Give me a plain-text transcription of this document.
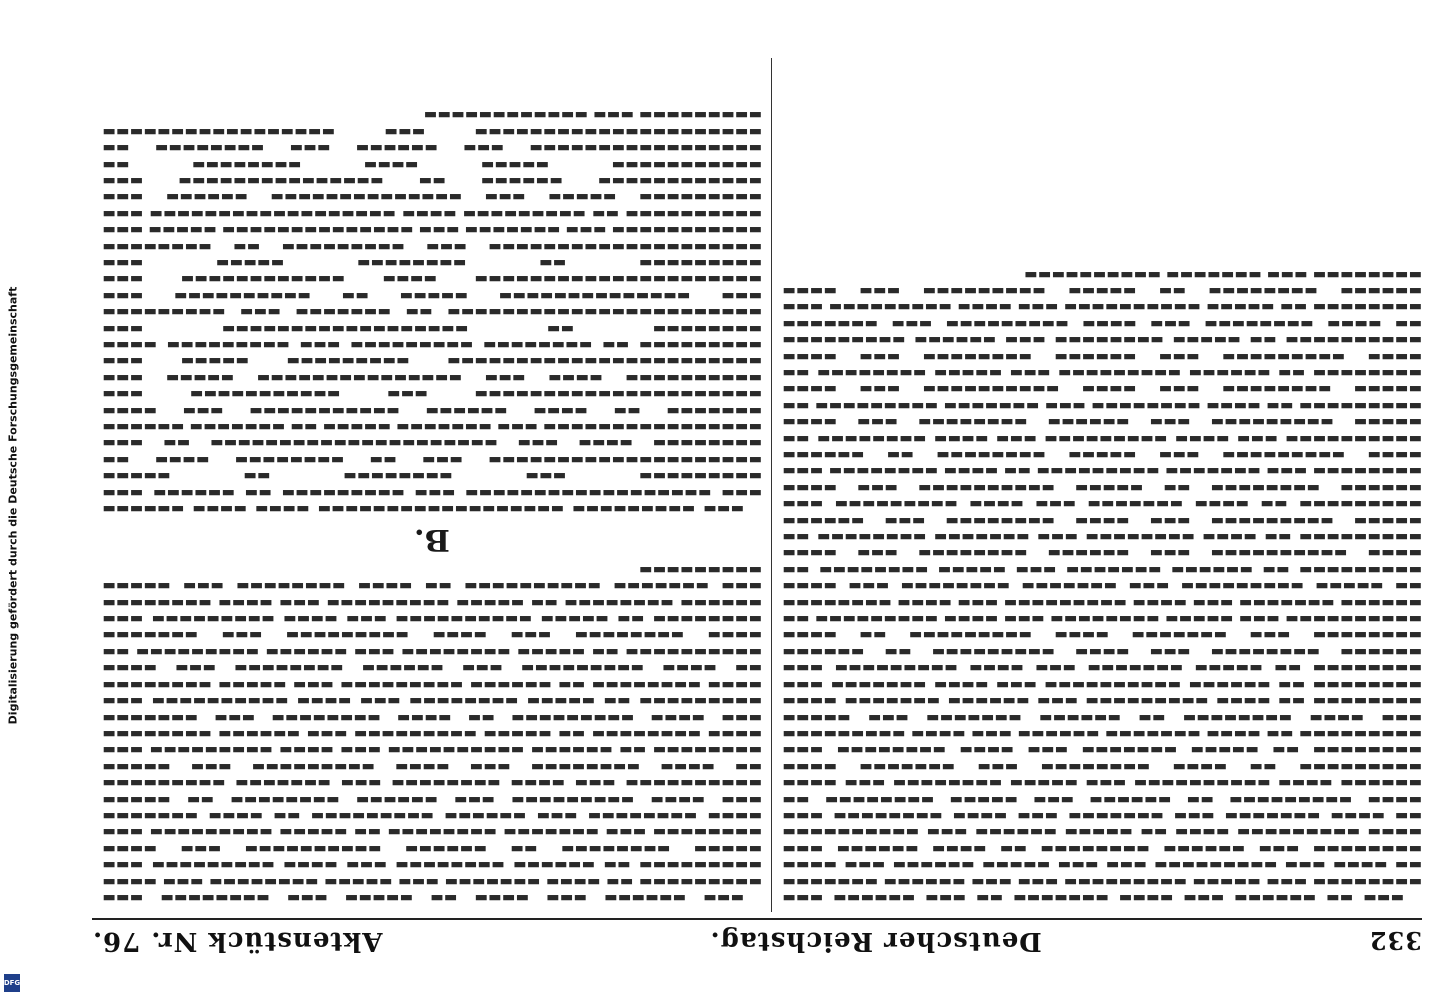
Digitalisierung gefördert durch die Deutsche Forschungsgemeinschaft
DFG
332
Deutscher Reichstag.
Aktenstück Nr. 76.

▬▬▬ ▬▬ ▬▬▬▬▬▬ ▬▬▬ ▬▬▬▬ ▬▬▬▬▬▬▬ ▬▬ ▬▬▬ ▬▬▬▬▬▬ ▬▬▬ ▬▬▬▬▬▬▬▬ ▬▬▬ ▬▬▬▬▬ ▬▬▬▬▬▬▬▬▬ ▬▬▬ ▬▬▬ ▬▬▬▬▬▬ ▬▬▬▬▬▬▬ ▬▬ ▬▬▬▬ ▬▬▬ ▬▬▬▬▬▬▬▬▬ ▬▬▬ ▬▬▬ ▬▬▬▬▬ ▬▬▬▬▬▬ ▬▬▬ ▬▬▬▬ ▬▬▬▬▬▬▬▬ ▬▬▬ ▬▬▬▬▬▬ ▬▬▬▬▬▬▬▬ ▬▬ ▬▬▬▬ ▬▬▬▬▬▬ ▬▬▬ ▬▬▬▬ ▬▬▬▬▬▬▬▬▬ ▬▬▬▬ ▬▬ ▬▬▬▬▬ ▬▬▬▬▬▬ ▬▬▬ ▬▬▬▬▬▬▬▬▬▬ ▬▬ ▬▬▬▬ ▬▬▬▬▬▬▬ ▬▬▬ ▬▬▬▬▬▬▬ ▬▬▬ ▬▬▬▬ ▬▬▬▬▬▬▬▬ ▬▬▬ ▬▬▬▬ ▬▬▬▬▬▬▬▬▬ ▬▬ ▬▬▬▬▬▬ ▬▬▬ ▬▬▬▬▬ ▬▬▬▬▬▬▬▬ ▬▬ ▬▬▬▬▬▬ ▬▬▬▬ ▬▬▬▬▬▬▬▬▬▬ ▬▬▬ ▬▬▬▬▬ ▬▬▬▬▬▬▬▬ ▬▬▬ ▬▬▬▬ ▬▬▬▬▬▬▬▬▬ ▬▬ ▬▬▬▬ ▬▬▬▬▬▬▬▬ ▬▬▬ ▬▬▬▬▬▬▬ ▬▬▬▬ ▬▬▬▬▬▬▬▬ ▬▬ ▬▬▬▬▬ ▬▬▬▬▬▬▬ ▬▬▬ ▬▬▬▬ ▬▬▬▬▬▬▬▬ ▬▬▬ ▬▬▬▬▬▬▬▬▬ ▬▬ ▬▬▬▬ ▬▬▬▬▬▬▬ ▬▬▬▬▬▬ ▬▬▬ ▬▬▬▬ ▬▬▬▬▬▬▬▬▬ ▬▬▬ ▬▬▬▬ ▬▬▬▬▬▬▬▬ ▬▬ ▬▬▬▬▬▬ ▬▬▬▬▬▬▬ ▬▬▬ ▬▬▬▬▬ ▬▬▬▬▬▬▬▬ ▬▬ ▬▬▬▬ ▬▬▬▬▬▬▬▬▬ ▬▬▬ ▬▬▬▬▬▬ ▬▬▬▬▬▬▬ ▬▬▬▬ ▬▬▬▬▬▬▬▬ ▬▬ ▬▬▬▬▬▬ ▬▬▬▬▬▬▬▬▬▬ ▬▬▬ ▬▬▬▬ ▬▬▬▬▬▬▬ ▬▬▬ ▬▬▬▬▬▬▬▬ ▬▬ ▬▬▬▬▬ ▬▬▬▬▬▬▬ ▬▬▬ ▬▬▬▬ ▬▬▬▬▬▬▬▬▬ ▬▬▬ ▬▬▬▬▬▬ ▬▬▬▬▬▬▬▬ ▬▬▬ ▬▬▬▬ ▬▬▬▬▬▬▬▬▬ ▬▬ ▬▬▬▬▬▬ ▬▬▬▬▬▬▬▬ ▬▬▬ ▬▬▬▬▬▬▬ ▬▬▬▬ ▬▬▬▬▬▬▬▬▬ ▬▬ ▬▬▬▬ ▬▬▬▬▬▬▬▬▬▬ ▬▬▬ ▬▬▬▬▬ ▬▬▬▬▬▬▬▬ ▬▬▬ ▬▬▬▬ ▬▬▬▬▬▬▬▬▬ ▬▬ ▬▬▬▬▬▬ ▬▬▬▬▬▬▬ ▬▬▬ ▬▬▬▬ ▬▬▬▬▬▬▬▬▬ ▬▬▬ ▬▬▬▬ ▬▬▬▬▬▬▬▬ ▬▬ ▬▬▬▬▬ ▬▬▬▬▬▬▬▬▬ ▬▬▬ ▬▬▬▬▬▬▬ ▬▬▬▬▬▬▬▬ ▬▬▬ ▬▬▬▬ ▬▬▬▬▬▬▬▬▬ ▬▬ ▬▬▬▬▬▬ ▬▬▬▬▬▬▬ ▬▬▬ ▬▬▬▬▬ ▬▬▬▬▬▬▬▬ ▬▬ ▬▬▬▬ ▬▬▬▬▬▬▬▬▬▬ ▬▬▬ ▬▬▬▬▬▬ ▬▬▬▬▬▬▬▬ ▬▬▬ ▬▬▬▬ ▬▬▬▬▬▬▬▬▬ ▬▬ ▬▬▬▬ ▬▬▬▬▬▬▬▬ ▬▬▬ ▬▬▬▬▬▬▬ ▬▬▬▬▬▬▬▬ ▬▬ ▬▬▬▬▬ ▬▬▬▬▬▬▬▬▬ ▬▬▬ ▬▬▬▬ ▬▬▬▬▬▬▬▬ ▬▬▬ ▬▬▬▬▬▬ ▬▬▬▬▬▬▬▬▬ ▬▬ ▬▬▬▬ ▬▬▬▬▬▬▬ ▬▬▬ ▬▬▬▬ ▬▬▬▬▬▬▬▬▬ ▬▬▬ ▬▬▬▬▬▬ ▬▬▬▬▬▬▬▬ ▬▬ ▬▬▬▬▬ ▬▬▬▬▬▬▬▬▬▬ ▬▬▬ ▬▬▬▬ ▬▬▬▬▬▬▬▬ ▬▬▬ ▬▬▬▬▬▬▬ ▬▬▬▬▬▬▬▬▬ ▬▬ ▬▬▬▬ ▬▬▬▬▬▬▬▬ ▬▬▬ ▬▬▬▬ ▬▬▬▬▬▬▬▬▬ ▬▬▬ ▬▬▬▬▬ ▬▬▬▬▬▬▬▬ ▬▬ ▬▬▬▬▬▬ ▬▬▬▬▬▬▬▬▬▬ ▬▬▬ ▬▬▬▬ ▬▬▬▬▬▬▬▬▬ ▬▬▬ ▬▬▬▬ ▬▬▬▬▬▬▬▬ ▬▬ ▬▬▬▬▬ ▬▬▬▬▬▬▬▬▬ ▬▬▬ ▬▬▬▬▬▬ ▬▬▬▬▬▬▬▬ ▬▬▬ ▬▬▬▬ ▬▬▬▬▬▬▬▬▬ ▬▬ ▬▬▬▬ ▬▬▬▬▬▬▬▬ ▬▬▬ ▬▬▬▬▬▬▬ ▬▬▬▬▬▬▬▬▬ ▬▬ ▬▬▬▬▬ ▬▬▬▬▬▬▬▬ ▬▬▬ ▬▬▬▬ ▬▬▬▬▬▬▬▬▬▬ ▬▬▬ ▬▬▬▬ ▬▬▬▬▬▬▬▬ ▬▬ ▬▬▬▬▬▬ ▬▬▬▬▬▬▬▬▬ ▬▬▬ ▬▬▬▬▬ ▬▬▬▬▬▬▬▬ ▬▬ ▬▬▬▬ ▬▬▬▬▬▬▬▬▬ ▬▬▬ ▬▬▬▬▬▬ ▬▬▬▬▬▬▬▬ ▬▬▬ ▬▬▬▬ ▬▬▬▬▬▬▬▬▬▬ ▬▬ ▬▬▬▬▬ ▬▬▬▬▬▬▬▬ ▬▬▬ ▬▬▬▬▬▬ ▬▬▬▬▬▬▬▬▬ ▬▬ ▬▬▬▬ ▬▬▬▬▬▬▬▬ ▬▬▬ ▬▬▬▬ ▬▬▬▬▬▬▬▬▬ ▬▬▬ ▬▬▬▬▬▬▬ ▬▬▬▬▬▬▬▬ ▬▬ ▬▬▬▬▬ ▬▬▬▬▬▬▬▬▬▬ ▬▬▬ ▬▬▬▬ ▬▬▬▬▬▬▬▬▬ ▬▬▬ ▬▬▬▬▬▬ ▬▬▬▬▬▬▬▬ ▬▬ ▬▬▬▬▬ ▬▬▬▬▬▬▬▬▬ ▬▬▬ ▬▬▬▬ ▬▬▬▬▬▬▬▬ ▬▬▬ ▬▬▬▬▬▬▬ ▬▬▬▬▬▬▬▬▬▬

▬▬▬ ▬▬▬▬▬▬ ▬▬▬ ▬▬▬▬ ▬▬ ▬▬▬▬▬ ▬▬▬ ▬▬▬▬▬▬▬▬ ▬▬▬ ▬▬▬▬▬▬▬▬▬ ▬▬ ▬▬▬▬ ▬▬▬▬▬▬▬ ▬▬▬ ▬▬▬▬▬ ▬▬▬▬▬▬▬▬ ▬▬▬ ▬▬▬▬ ▬▬▬▬▬▬▬▬▬ ▬▬ ▬▬▬▬▬▬ ▬▬▬▬▬▬▬▬ ▬▬▬ ▬▬▬▬ ▬▬▬▬▬▬▬▬▬ ▬▬▬ ▬▬▬▬▬ ▬▬▬▬▬▬▬▬ ▬▬ ▬▬▬▬▬▬ ▬▬▬▬▬▬▬▬▬▬ ▬▬▬ ▬▬▬▬ ▬▬▬▬▬▬▬▬ ▬▬▬ ▬▬▬▬▬▬▬ ▬▬▬▬▬▬▬▬ ▬▬ ▬▬▬▬▬ ▬▬▬▬▬▬▬▬▬ ▬▬▬ ▬▬▬▬ ▬▬▬▬▬▬▬▬ ▬▬▬ ▬▬▬▬▬▬ ▬▬▬▬▬▬▬▬▬ ▬▬ ▬▬▬▬ ▬▬▬▬▬▬▬ ▬▬▬ ▬▬▬▬ ▬▬▬▬▬▬▬▬▬ ▬▬▬ ▬▬▬▬▬▬ ▬▬▬▬▬▬▬▬ ▬▬ ▬▬▬▬▬ ▬▬▬▬▬▬▬▬▬▬ ▬▬▬ ▬▬▬▬ ▬▬▬▬▬▬▬▬ ▬▬▬ ▬▬▬▬▬▬▬ ▬▬▬▬▬▬▬▬▬ ▬▬ ▬▬▬▬ ▬▬▬▬▬▬▬▬ ▬▬▬ ▬▬▬▬ ▬▬▬▬▬▬▬▬▬ ▬▬▬ ▬▬▬▬▬ ▬▬▬▬▬▬▬▬ ▬▬ ▬▬▬▬▬▬ ▬▬▬▬▬▬▬▬▬▬ ▬▬▬ ▬▬▬▬ ▬▬▬▬▬▬▬▬▬ ▬▬▬ ▬▬▬▬ ▬▬▬▬▬▬▬▬ ▬▬ ▬▬▬▬▬ ▬▬▬▬▬▬▬▬▬ ▬▬▬ ▬▬▬▬▬▬ ▬▬▬▬▬▬▬▬ ▬▬▬ ▬▬▬▬ ▬▬▬▬▬▬▬▬▬ ▬▬ ▬▬▬▬ ▬▬▬▬▬▬▬▬ ▬▬▬ ▬▬▬▬▬▬▬ ▬▬▬▬▬▬▬▬▬ ▬▬ ▬▬▬▬▬ ▬▬▬▬▬▬▬▬ ▬▬▬ ▬▬▬▬ ▬▬▬▬▬▬▬▬▬▬ ▬▬▬ ▬▬▬▬ ▬▬▬▬▬▬▬▬ ▬▬ ▬▬▬▬▬▬ ▬▬▬▬▬▬▬▬▬ ▬▬▬ ▬▬▬▬▬ ▬▬▬▬▬▬▬▬ ▬▬ ▬▬▬▬ ▬▬▬▬▬▬▬▬▬ ▬▬▬ ▬▬▬▬▬▬ ▬▬▬▬▬▬▬▬ ▬▬▬ ▬▬▬▬ ▬▬▬▬▬▬▬▬▬▬ ▬▬ ▬▬▬▬▬ ▬▬▬▬▬▬▬▬ ▬▬▬ ▬▬▬▬▬▬ ▬▬▬▬▬▬▬▬▬ ▬▬ ▬▬▬▬ ▬▬▬▬▬▬▬▬ ▬▬▬ ▬▬▬▬ ▬▬▬▬▬▬▬▬▬ ▬▬▬ ▬▬▬▬▬▬▬ ▬▬▬▬▬▬▬▬ ▬▬ ▬▬▬▬▬ ▬▬▬▬▬▬▬▬▬▬ ▬▬▬ ▬▬▬▬ ▬▬▬▬▬▬▬▬▬ ▬▬▬ ▬▬▬▬▬▬ ▬▬▬▬▬▬▬▬ ▬▬ ▬▬▬▬▬ ▬▬▬▬▬▬▬▬▬ ▬▬▬ ▬▬▬▬ ▬▬▬▬▬▬▬▬ ▬▬▬ ▬▬▬▬▬▬▬ ▬▬▬▬▬▬▬▬▬▬ ▬▬ ▬▬▬▬ ▬▬▬▬▬▬▬▬ ▬▬▬ ▬▬▬▬▬ ▬▬▬▬▬▬▬▬▬

B.

▬▬▬ ▬▬▬▬▬▬▬▬▬ ▬▬▬▬▬▬▬▬▬▬▬▬▬▬▬▬▬▬ ▬▬▬▬ ▬▬▬▬ ▬▬▬▬▬▬ ▬▬▬ ▬▬▬▬▬▬▬▬▬▬▬▬▬▬▬▬▬▬ ▬▬▬ ▬▬▬▬▬▬▬▬▬ ▬▬ ▬▬▬▬▬▬ ▬▬▬ ▬▬▬▬▬▬▬▬▬ ▬▬▬ ▬▬▬▬▬▬▬▬ ▬▬ ▬▬▬▬▬ ▬▬▬▬▬▬▬▬▬▬▬▬▬▬▬▬▬▬▬▬ ▬▬▬ ▬▬ ▬▬▬▬▬▬▬▬ ▬▬▬▬ ▬▬ ▬▬▬▬▬▬▬▬ ▬▬▬▬ ▬▬▬ ▬▬▬▬▬▬▬▬▬▬▬▬▬▬▬▬▬▬▬▬▬ ▬▬ ▬▬▬ ▬▬▬▬▬▬▬▬▬▬▬▬▬▬▬▬ ▬▬▬ ▬▬▬▬▬▬▬ ▬▬▬▬▬ ▬▬ ▬▬▬▬▬▬▬ ▬▬▬▬▬▬ ▬▬▬▬▬▬▬ ▬▬ ▬▬▬▬ ▬▬▬▬▬▬ ▬▬▬▬▬▬▬▬▬▬▬ ▬▬▬ ▬▬▬▬ ▬▬▬▬▬▬▬▬▬▬▬▬▬▬▬▬▬▬▬▬▬ ▬▬▬ ▬▬▬▬▬▬▬▬▬▬▬ ▬▬▬ ▬▬▬▬▬▬▬▬▬▬ ▬▬▬▬ ▬▬▬ ▬▬▬▬▬▬▬▬▬▬▬▬▬▬▬ ▬▬▬▬▬ ▬▬▬ ▬▬▬▬▬▬▬▬▬▬▬▬▬▬▬▬▬▬▬▬▬▬▬ ▬▬▬▬▬▬▬▬▬ ▬▬▬▬▬ ▬▬▬ ▬▬▬▬▬▬▬▬▬ ▬▬ ▬▬▬▬▬▬▬▬ ▬▬▬▬▬▬▬▬▬ ▬▬▬ ▬▬▬▬▬▬▬▬▬ ▬▬▬▬ ▬▬▬▬▬▬▬▬ ▬▬ ▬▬▬▬▬▬▬▬▬▬▬▬▬▬▬▬▬▬ ▬▬▬ ▬▬▬▬▬▬▬▬▬▬▬▬▬▬▬▬▬▬▬▬▬▬▬ ▬▬ ▬▬▬▬▬▬▬ ▬▬▬ ▬▬▬▬▬▬▬▬▬ ▬▬▬ ▬▬▬▬▬▬▬▬▬▬▬▬▬▬ ▬▬▬▬▬ ▬▬ ▬▬▬▬▬▬▬▬▬▬ ▬▬▬ ▬▬▬▬▬▬▬▬▬▬▬▬▬▬▬▬▬▬▬▬▬ ▬▬▬▬ ▬▬▬▬▬▬▬▬▬▬▬▬ ▬▬▬ ▬▬▬▬▬▬▬▬▬ ▬▬ ▬▬▬▬▬▬▬▬ ▬▬▬▬▬ ▬▬▬ ▬▬▬▬▬▬▬▬▬▬▬▬▬▬▬▬▬▬▬▬ ▬▬▬ ▬▬▬▬▬▬▬▬▬ ▬▬ ▬▬▬▬▬▬▬▬ ▬▬▬▬▬▬▬▬▬▬▬ ▬▬▬ ▬▬▬▬▬▬▬ ▬▬▬ ▬▬▬▬▬▬▬▬▬▬▬▬▬▬ ▬▬▬▬▬ ▬▬▬ ▬▬▬▬▬▬▬▬▬▬ ▬▬ ▬▬▬▬▬▬▬▬▬ ▬▬▬▬ ▬▬▬▬▬▬▬▬▬▬▬▬▬▬▬▬▬▬ ▬▬▬ ▬▬▬▬▬▬▬▬▬ ▬▬▬▬▬ ▬▬▬ ▬▬▬▬▬▬▬▬▬▬▬▬▬▬ ▬▬▬▬▬▬ ▬▬▬ ▬▬▬▬▬▬▬▬▬▬▬▬ ▬▬▬▬▬▬ ▬▬ ▬▬▬▬▬▬▬▬▬▬▬▬▬▬▬ ▬▬▬ ▬▬▬▬▬▬▬▬▬▬▬ ▬▬▬▬▬ ▬▬▬▬ ▬▬▬▬▬▬▬▬ ▬▬ ▬▬▬▬▬▬▬▬▬▬▬▬▬▬▬▬▬ ▬▬▬ ▬▬▬▬▬▬ ▬▬▬ ▬▬▬▬▬▬▬▬ ▬▬ ▬▬▬▬▬▬▬▬▬▬▬▬▬▬▬▬▬▬▬▬▬ ▬▬▬ ▬▬▬▬▬▬▬▬▬▬▬▬▬▬▬▬▬ ▬▬▬▬▬▬▬▬▬ ▬▬▬ ▬▬▬▬▬▬▬▬▬▬▬▬
